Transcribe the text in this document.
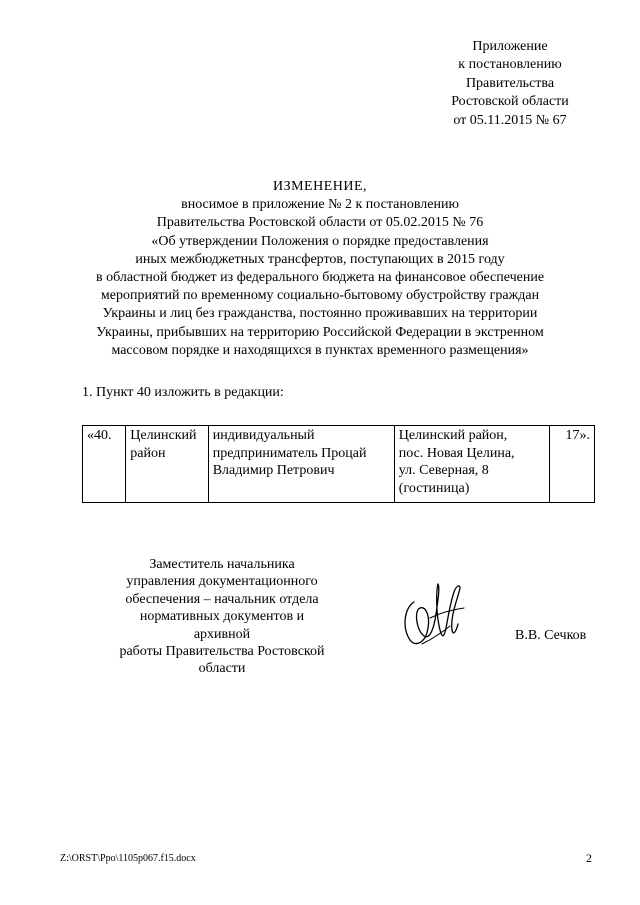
Приложение
к постановлению
Правительства
Ростовской области
от 05.11.2015 № 67
ИЗМЕНЕНИЕ,
вносимое в приложение № 2 к постановлению
Правительства Ростовской области от 05.02.2015 № 76
«Об утверждении Положения о порядке предоставления
иных межбюджетных трансфертов, поступающих в 2015 году
в областной бюджет из федерального бюджета на финансовое обеспечение
мероприятий по временному социально-бытовому обустройству граждан
Украины и лиц без гражданства, постоянно проживавших на территории
Украины, прибывших на территорию Российской Федерации в экстренном
массовом порядке и находящихся в пунктах временного размещения»
1. Пункт 40 изложить в редакции:
«40.	Целинский
район

индивидуальный
предприниматель Процай
Владимир Петрович

Целинский район,
пос. Новая Целина,
ул. Северная, 8
(гостиница)
	17».
Заместитель начальника
управления документационного
обеспечения – начальник отдела
нормативных документов и архивной
работы Правительства Ростовской области
В.В. Сечков
Z:\ORST\Ppo\1105p067.f15.docx	2
